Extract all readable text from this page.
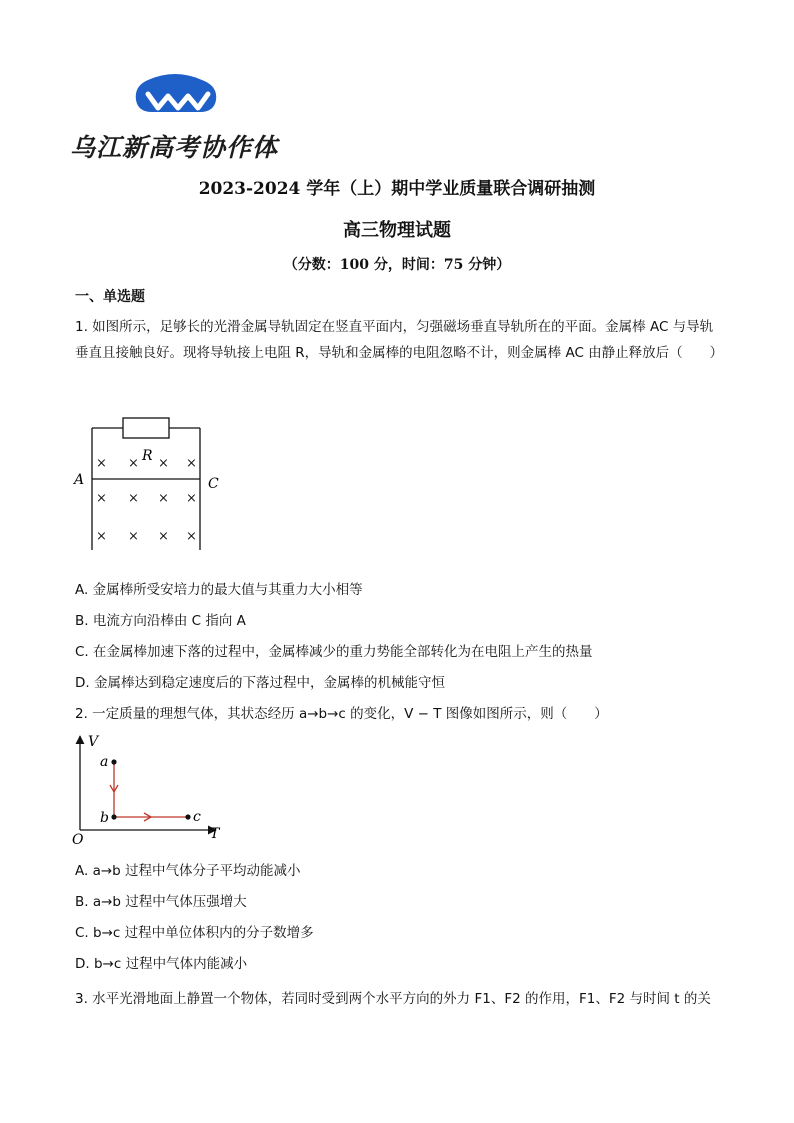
乌江新高考协作体
2023-2024 学年（上）期中学业质量联合调研抽测
高三物理试题
（分数：100 分，时间：75 分钟）
一、单选题
1. 如图所示，足够长的光滑金属导轨固定在竖直平面内，匀强磁场垂直导轨所在的平面。金属棒 AC 与导轨垂直且接触良好。现将导轨接上电阻 R，导轨和金属棒的电阻忽略不计，则金属棒 AC 由静止释放后（　　）
R
A	C
× × × ×
× × × ×
× × × ×
A. 金属棒所受安培力的最大值与其重力大小相等
B. 电流方向沿棒由 C 指向 A
C. 在金属棒加速下落的过程中，金属棒减少的重力势能全部转化为在电阻上产生的热量
D. 金属棒达到稳定速度后的下落过程中，金属棒的机械能守恒
2. 一定质量的理想气体，其状态经历 a→b→c 的变化，V − T 图像如图所示，则（　　）
V
T
O
a
b	c
A. a→b 过程中气体分子平均动能减小
B. a→b 过程中气体压强增大
C. b→c 过程中单位体积内的分子数增多
D. b→c 过程中气体内能减小
3. 水平光滑地面上静置一个物体，若同时受到两个水平方向的外力 F1、F2 的作用，F1、F2 与时间 t 的关
